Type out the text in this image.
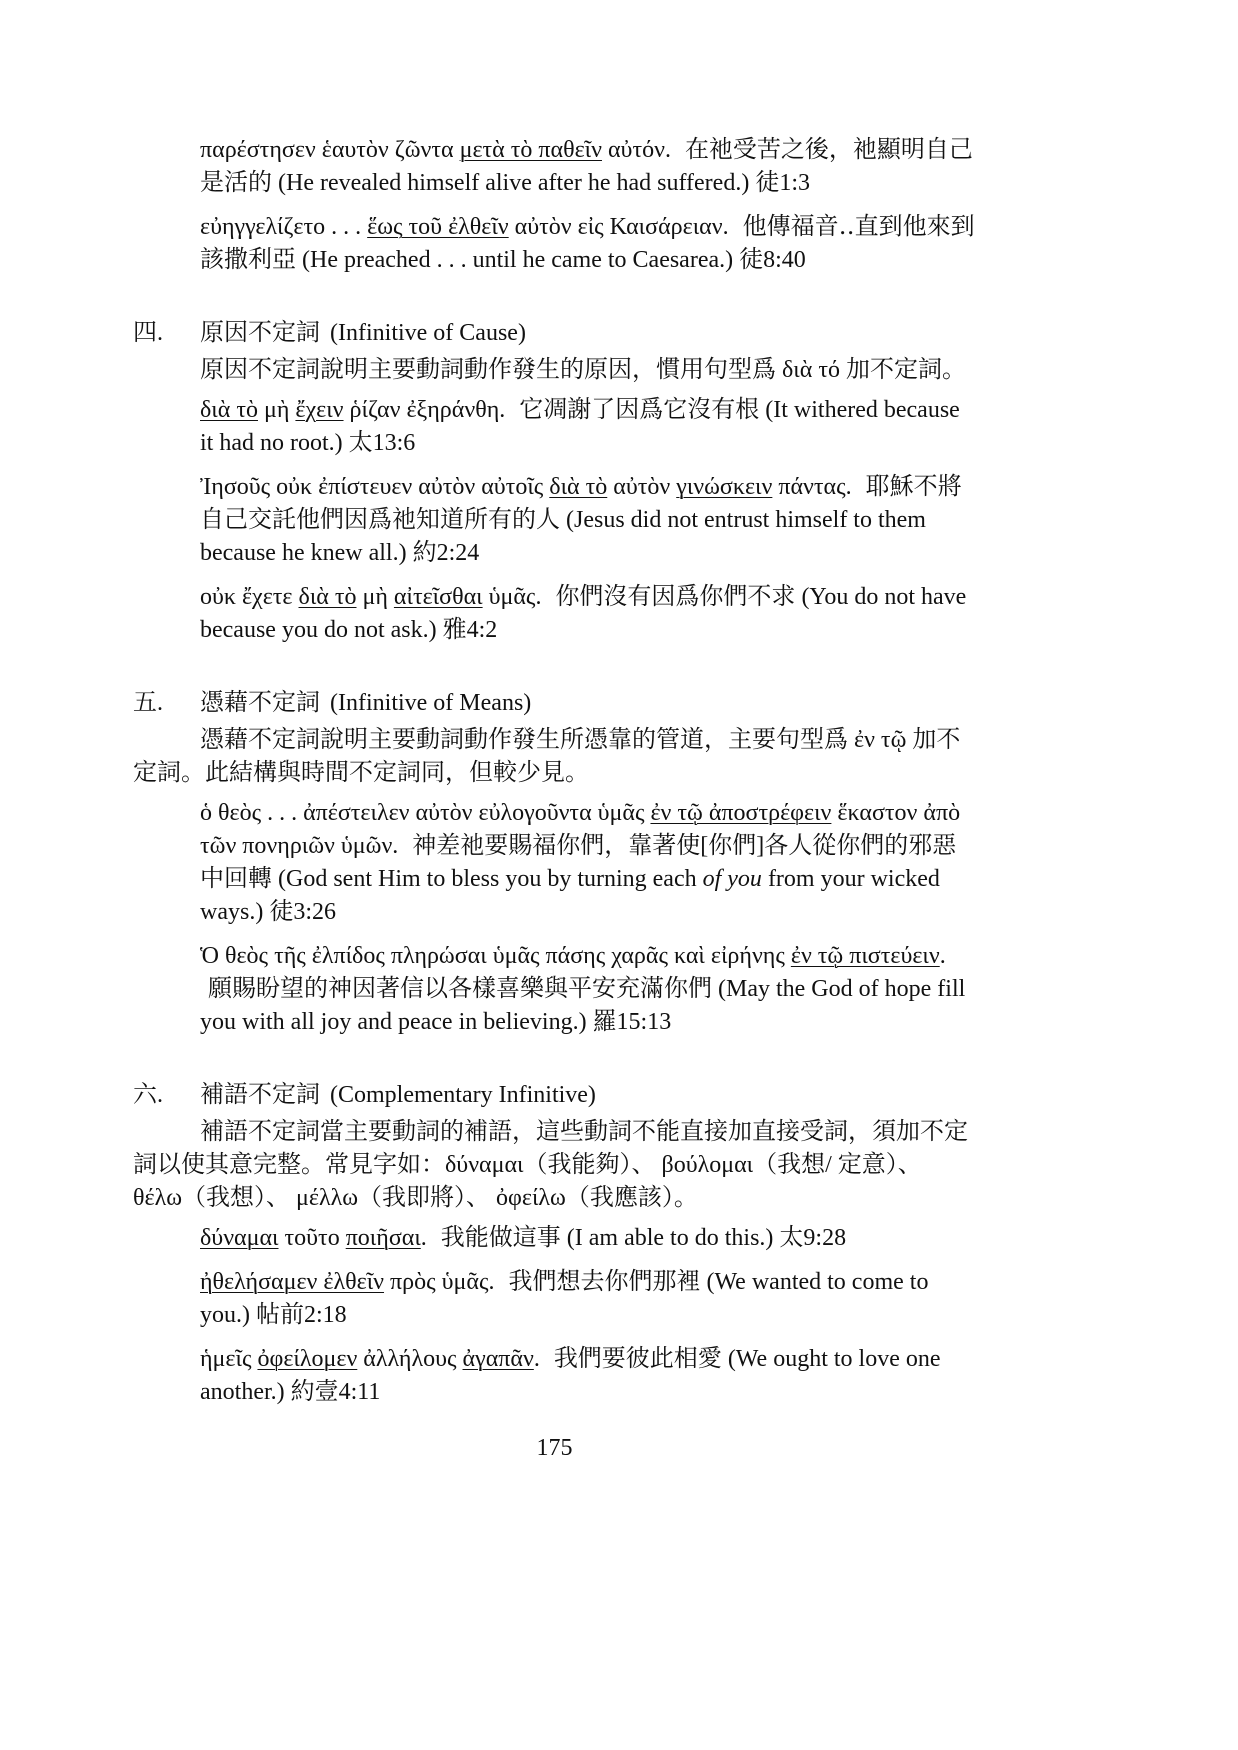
παρέστησεν ἑαυτὸν ζῶντα μετὰ τὸ παθεῖν αὐτόν. 在祂受苦之後，祂顯明自己是活的 (He revealed himself alive after he had suffered.) 徒1:3

εὐηγγελίζετο . . . ἕως τοῦ ἐλθεῖν αὐτὸν εἰς Καισάρειαν. 他傳福音‥直到他來到該撒利亞 (He preached . . . until he came to Caesarea.) 徒8:40

四. 原因不定詞 (Infinitive of Cause)

原因不定詞說明主要動詞動作發生的原因，慣用句型爲 διὰ τό 加不定詞。

διὰ τὸ μὴ ἔχειν ῥίζαν ἐξηράνθη. 它凋謝了因爲它沒有根 (It withered because it had no root.) 太13:6

Ἰησοῦς οὐκ ἐπίστευεν αὐτὸν αὐτοῖς διὰ τὸ αὐτὸν γινώσκειν πάντας. 耶穌不將自己交託他們因爲祂知道所有的人 (Jesus did not entrust himself to them because he knew all.) 約2:24

οὐκ ἔχετε διὰ τὸ μὴ αἰτεῖσθαι ὑμᾶς. 你們沒有因爲你們不求 (You do not have because you do not ask.) 雅4:2

五. 憑藉不定詞 (Infinitive of Means)

憑藉不定詞說明主要動詞動作發生所憑靠的管道，主要句型爲 ἐν τῷ 加不定詞。此結構與時間不定詞同，但較少見。

ὁ θεὸς . . . ἀπέστειλεν αὐτὸν εὐλογοῦντα ὑμᾶς ἐν τῷ ἀποστρέφειν ἕκαστον ἀπὸ τῶν πονηριῶν ὑμῶν. 神差祂要賜福你們，靠著使[你們]各人從你們的邪惡中回轉 (God sent Him to bless you by turning each of you from your wicked ways.) 徒3:26

Ὁ θεὸς τῆς ἐλπίδος πληρώσαι ὑμᾶς πάσης χαρᾶς καὶ εἰρήνης ἐν τῷ πιστεύειν. 願賜盼望的神因著信以各樣喜樂與平安充滿你們 (May the God of hope fill you with all joy and peace in believing.) 羅15:13

六. 補語不定詞 (Complementary Infinitive)

補語不定詞當主要動詞的補語，這些動詞不能直接加直接受詞，須加不定詞以使其意完整。常見字如：δύναμαι（我能夠）、 βούλομαι（我想/ 定意）、 θέλω（我想）、 μέλλω（我即將）、 ὀφείλω（我應該）。

δύναμαι τοῦτο ποιῆσαι. 我能做這事 (I am able to do this.) 太9:28

ἠθελήσαμεν ἐλθεῖν πρὸς ὑμᾶς. 我們想去你們那裡 (We wanted to come to you.) 帖前2:18

ἡμεῖς ὀφείλομεν ἀλλήλους ἀγαπᾶν. 我們要彼此相愛 (We ought to love one another.) 約壹4:11

175
